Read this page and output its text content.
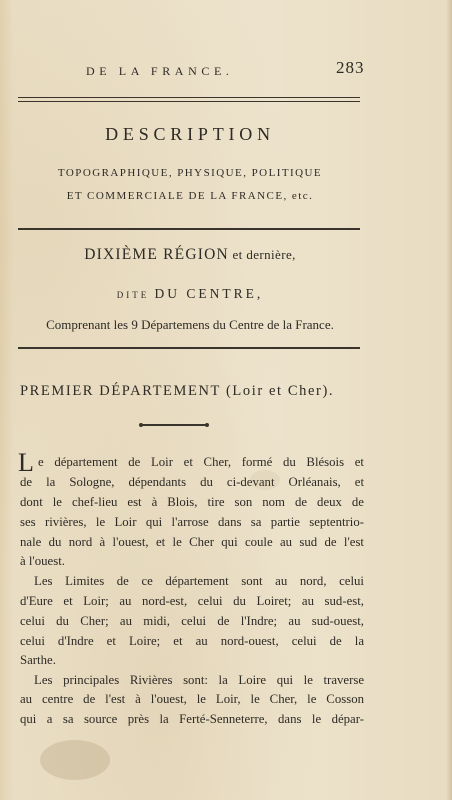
DE LA FRANCE.	283
DESCRIPTION
TOPOGRAPHIQUE, PHYSIQUE, POLITIQUE
ET COMMERCIALE DE LA FRANCE, etc.
DIXIÈME RÉGION et dernière,
DITE DU CENTRE,
Comprenant les 9 Départemens du Centre de la France.
PREMIER DÉPARTEMENT (Loir et Cher).
L e département de Loir et Cher, formé du Blésois et
de la Sologne, dépendants du ci-devant Orléanais, et
dont le chef-lieu est à Blois, tire son nom de deux de
ses rivières, le Loir qui l'arrose dans sa partie septentrio-
nale du nord à l'ouest, et le Cher qui coule au sud de l'est
à l'ouest.
Les Limites de ce département sont au nord, celui
d'Eure et Loir; au nord-est, celui du Loiret; au sud-est,
celui du Cher; au midi, celui de l'Indre; au sud-ouest,
celui d'Indre et Loire; et au nord-ouest, celui de la
Sarthe.
Les principales Rivières sont: la Loire qui le traverse
au centre de l'est à l'ouest, le Loir, le Cher, le Cosson
qui a sa source près la Ferté-Senneterre, dans le dépar-
